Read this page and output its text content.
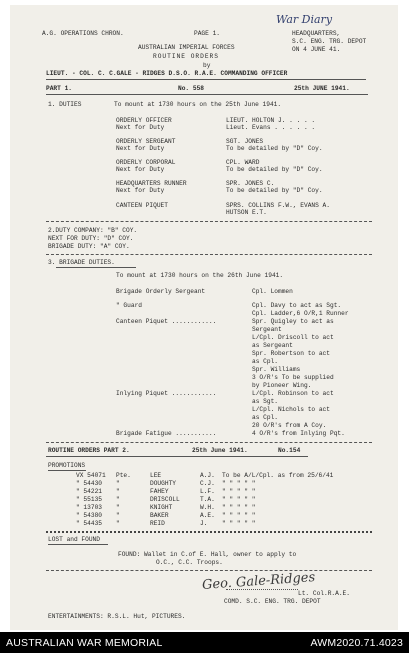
A.G. OPERATIONS CHRON.	PAGE 1.
War Diary
HEADQUARTERS,
S.C. ENG. TRG. DEPOT
ON 4 JUNE 41.
AUSTRALIAN IMPERIAL FORCES
ROUTINE ORDERS
by
LIEUT. - COL. C. C.GALE - RIDGES D.S.O. R.A.E. COMMANDING OFFICER
PART 1.	No. 558	25th JUNE 1941.
1. DUTIES	To mount at 1730 hours on the 25th June 1941.
ORDERLY OFFICER	LIEUT. HOLTON J. . . . .
Next for Duty	Lieut. Evans . . . . . .
ORDERLY SERGEANT	SGT. JONES
Next for Duty	To be detailed by "D" Coy.
ORDERLY CORPORAL	CPL. WARD
Next for Duty	To be detailed by "D" Coy.
HEADQUARTERS RUNNER	SPR. JONES C.
Next for Duty	To be detailed by "D" Coy.
CANTEEN PIQUET	SPRS. COLLINS F.W., EVANS A.
HUTSON E.T.
2.DUTY COMPANY: "B" COY.
NEXT FOR DUTY: "D" COY.
BRIGADE DUTY: "A" COY.
3. BRIGADE DUTIES.
To mount at 1730 hours on the 26th June 1941.
Brigade Orderly Sergeant	Cpl. Lommen
" Guard	Cpl. Davy to act as Sgt.
Cpl. Ladder,6 O/R,1 Runner
Canteen Piquet ............	Spr. Quigley to act as
Sergeant
L/Cpl. Driscoll to act
as Sergeant
Spr. Robertson to act
as Cpl.
Spr. Williams
3 O/R's To be supplied
by Pioneer Wing.
Inlying Piquet ............	L/Cpl. Robinson to act
as Sgt.
L/Cpl. Nichols to act
as Cpl.
20 O/R's from A Coy.
Brigade Fatigue ...........	4 O/R's from Inlying Pqt.
ROUTINE ORDERS PART 2.	25th June 1941.	No.154
PROMOTIONS
VX 54071 Pte.	LEE	A.J. To be A/L/Cpl. as from 25/6/41
" 54430 "	DOUGHTY	C.J. " " " " "
" 54221 "	FAHEY	L.F. " " " " "
" 55135 "	DRISCOLL	T.A. " " " " "
" 13703 "	KNIGHT	W.H. " " " " "
" 54380 "	BAKER	A.E. " " " " "
" 54435 "	REID	J. " " " " "
LOST and FOUND
FOUND: Wallet in C.of E. Hall, owner to apply to
O.C., C.C. Troops.
Geo. Gale-Ridges
Lt. Col.R.A.E.
COMD. S.C. ENG. TRG. DEPOT
ENTERTAINMENTS: R.S.L. Hut, PICTURES.
AUSTRALIAN WAR MEMORIAL	AWM2020.71.4023
